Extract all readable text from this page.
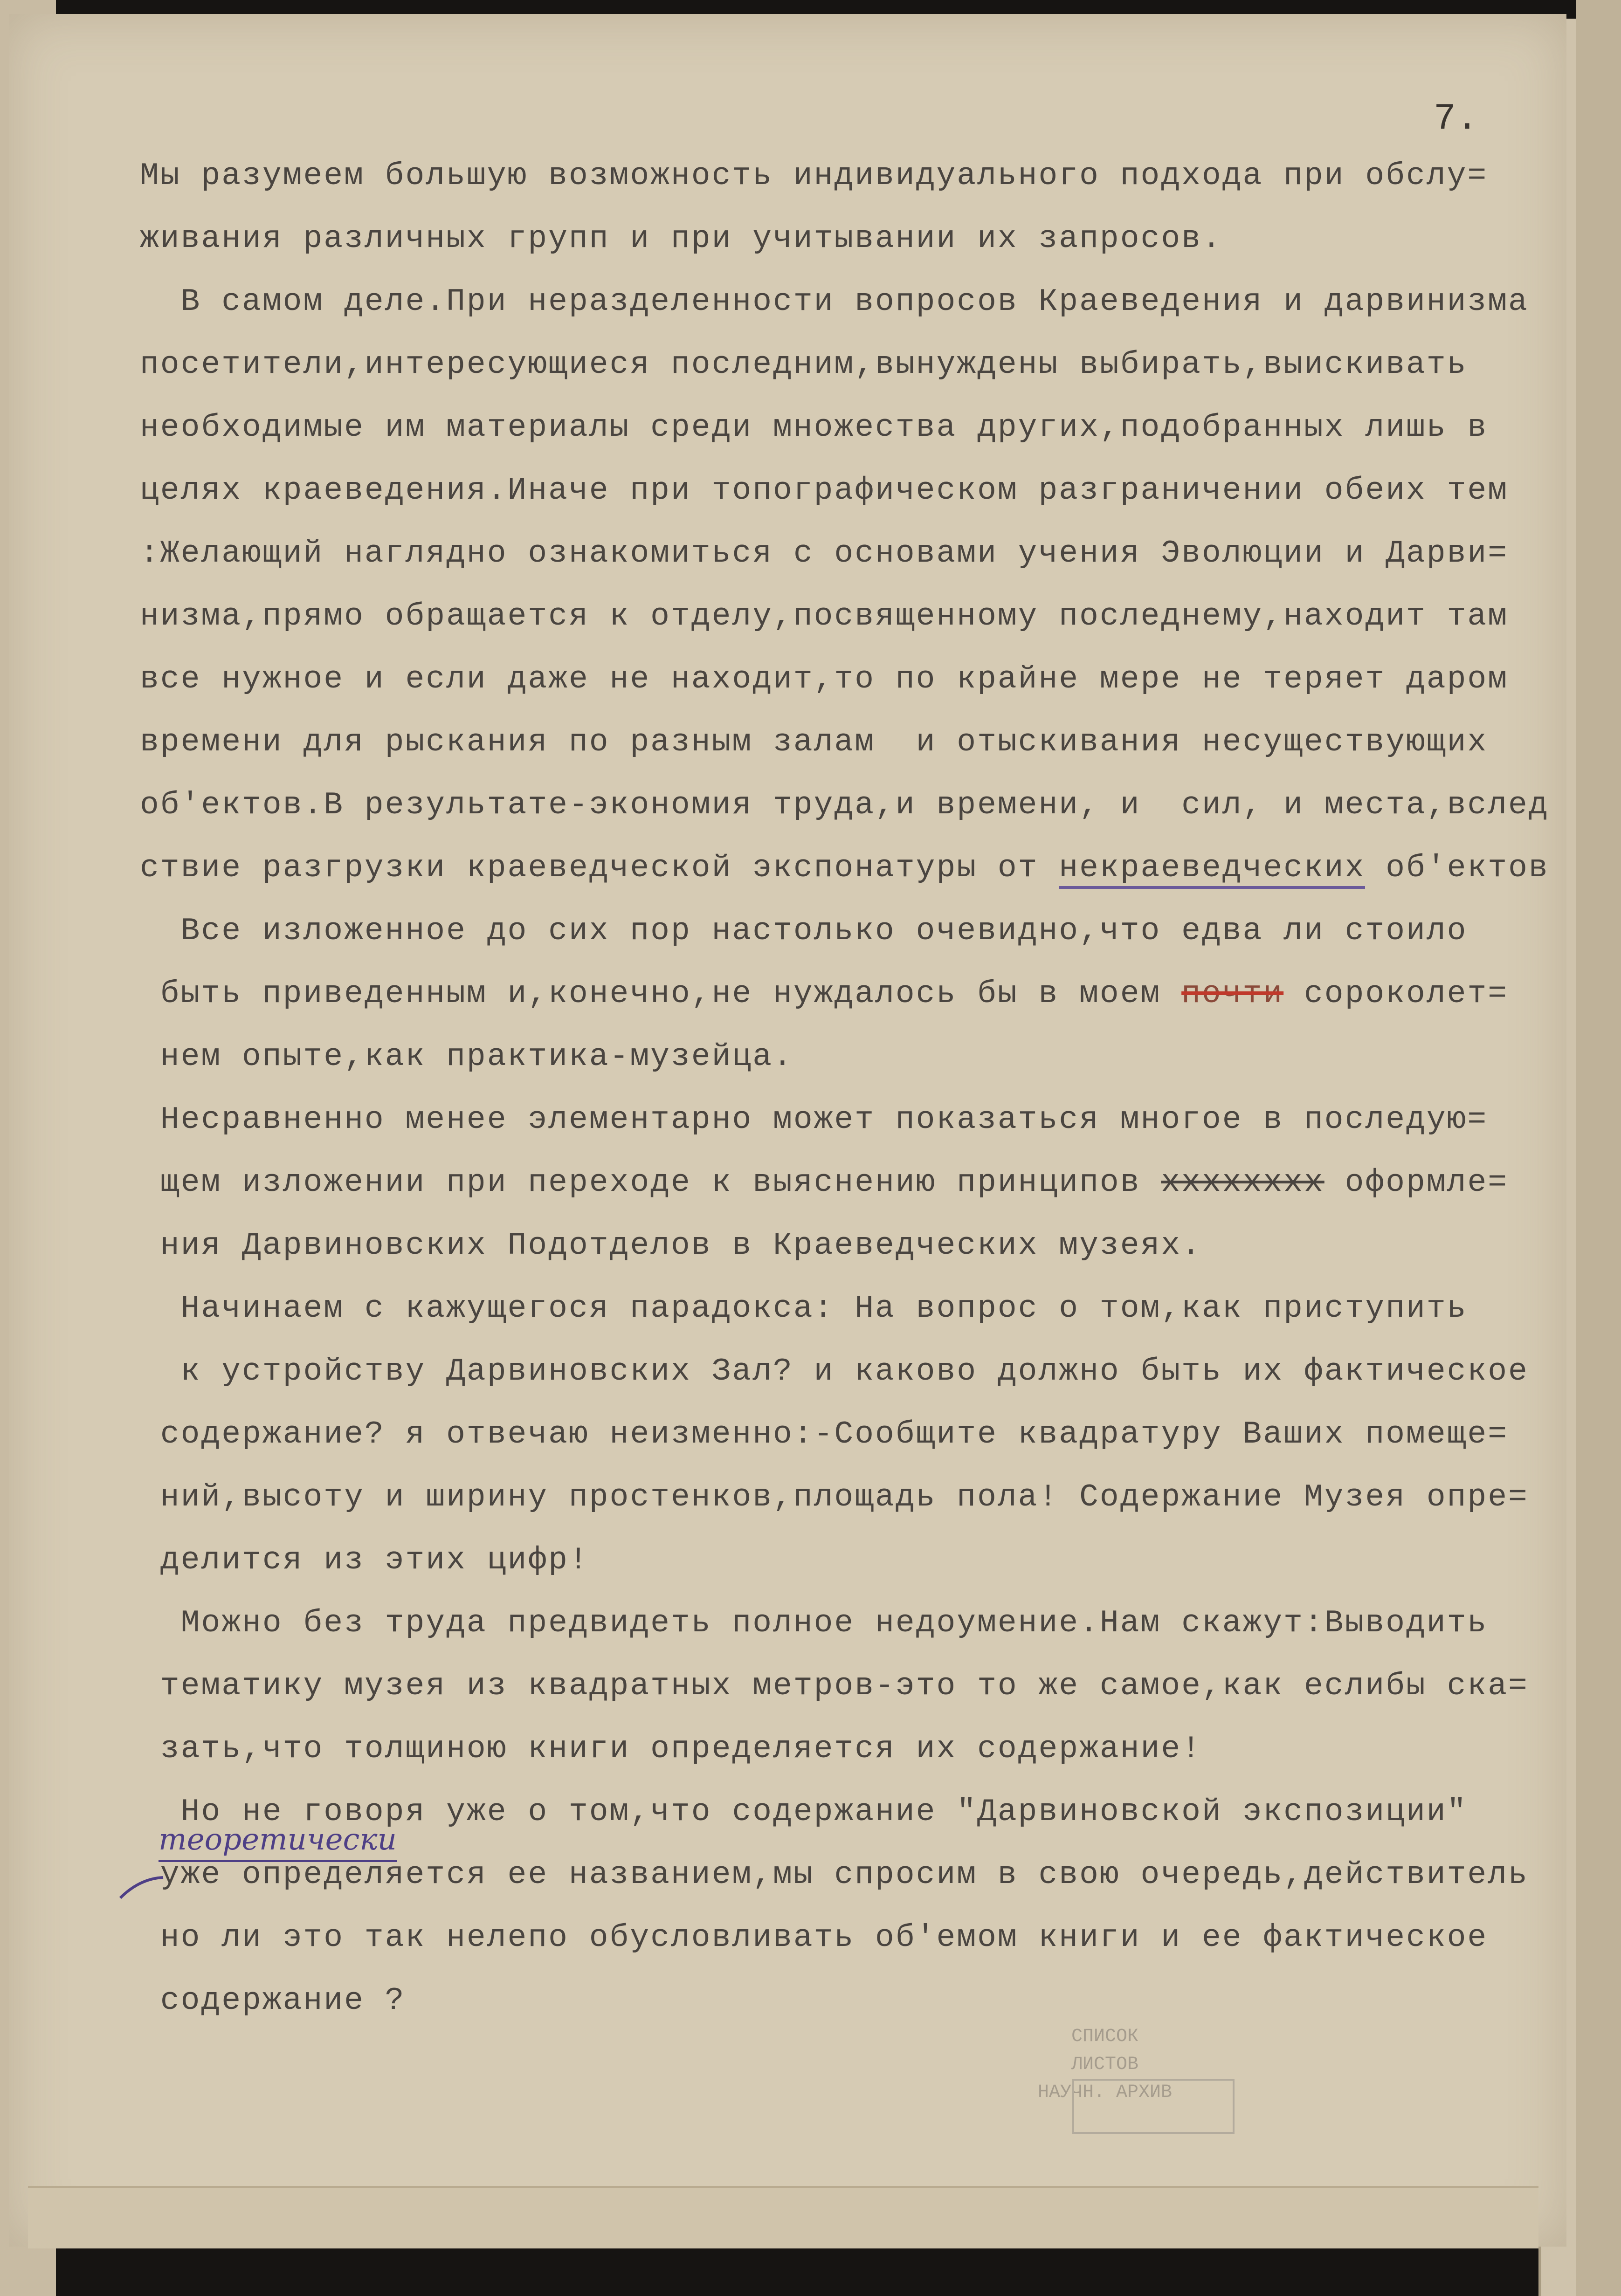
7.
Мы разумеем большую возможность индивидуального подхода при обслу=
живания различных групп и при учитывании их запросов.
В самом деле.При неразделенности вопросов Краеведения и дарвинизма
посетители,интересующиеся последним,вынуждены выбирать,выискивать
необходимые им материалы среди множества других,подобранных лишь в
целях краеведения.Иначе при топографическом разграничении обеих тем
:Желающий наглядно ознакомиться с основами учения Эволюции и Дарви=
низма,прямо обращается к отделу,посвященному последнему,находит там
все нужное и если даже не находит,то по крайне мере не теряет даром
времени для рыскания по разным залам  и отыскивания несуществующих
об'ектов.В результате-экономия труда,и времени, и  сил, и места,вслед
ствие разгрузки краеведческой экспонатуры от некраеведческих об'ектов
Все изложенное до сих пор настолько очевидно,что едва ли стоило
быть приведенным и,конечно,не нуждалось бы в моем почти сороколет=
нем опыте,как практика-музейца.
Несравненно менее элементарно может показаться многое в последую=
щем изложении при переходе к выяснению принципов хххххххх оформле=
ния Дарвиновских Подотделов в Краеведческих музеях.
Начинаем с кажущегося парадокса: На вопрос о том,как приступить
к устройству Дарвиновских Зал? и каково должно быть их фактическое
содержание? я отвечаю неизменно:-Сообщите квадратуру Ваших помеще=
ний,высоту и ширину простенков,площадь пола! Содержание Музея опре=
делится из этих цифр!
Можно без труда предвидеть полное недоумение.Нам скажут:Выводить
тематику музея из квадратных метров-это то же самое,как еслибы ска=
зать,что толщиною книги определяется их содержание!
Но не говоря уже о том,что содержание "Дарвиновской экспозиции"
уже определяется ее названием,мы спросим в свою очередь,действитель
но ли это так нелепо обусловливать об'емом книги и ее фактическое
содержание ?
теоретически
СПИСОК
ЛИСТОВ
НАУЧН. АРХИВ
